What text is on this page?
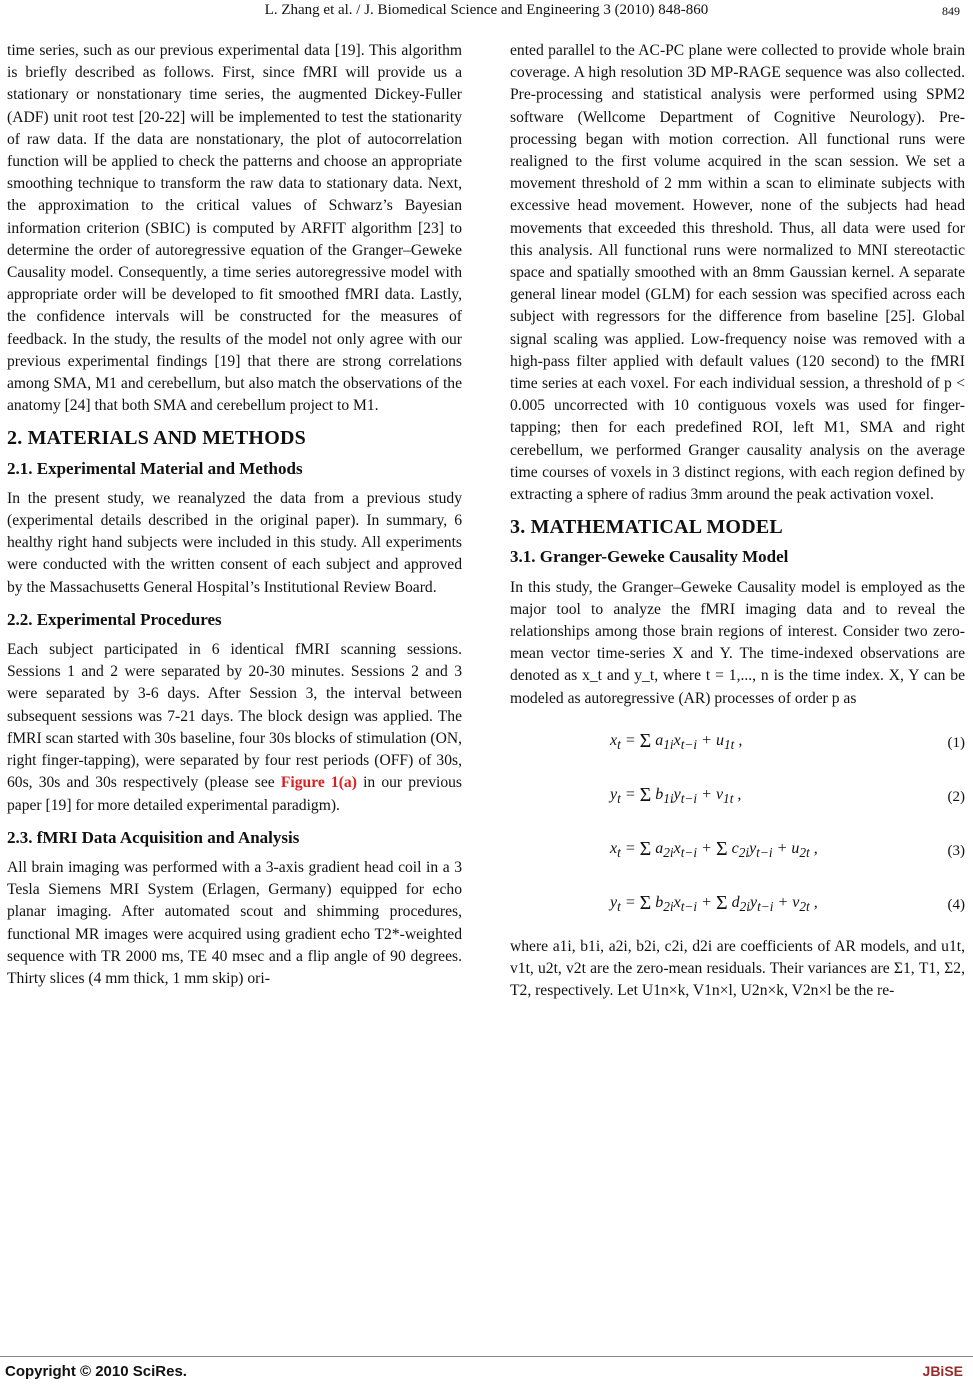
L. Zhang et al. / J. Biomedical Science and Engineering 3 (2010) 848-860	849

time series, such as our previous experimental data [19]. This algorithm is briefly described as follows. First, since fMRI will provide us a stationary or nonstationary time series, the augmented Dickey-Fuller (ADF) unit root test [20-22] will be implemented to test the stationarity of raw data. If the data are nonstationary, the plot of autocorrelation function will be applied to check the patterns and choose an appropriate smoothing technique to transform the raw data to stationary data. Next, the approximation to the critical values of Schwarz’s Bayesian information criterion (SBIC) is computed by ARFIT algorithm [23] to determine the order of autoregressive equation of the Granger–Geweke Causality model. Consequently, a time series autoregressive model with appropriate order will be developed to fit smoothed fMRI data. Lastly, the confidence intervals will be constructed for the measures of feedback. In the study, the results of the model not only agree with our previous experimental findings [19] that there are strong correlations among SMA, M1 and cerebellum, but also match the observations of the anatomy [24] that both SMA and cerebellum project to M1.

2. MATERIALS AND METHODS
2.1. Experimental Material and Methods

In the present study, we reanalyzed the data from a previous study (experimental details described in the original paper). In summary, 6 healthy right hand subjects were included in this study. All experiments were conducted with the written consent of each subject and approved by the Massachusetts General Hospital’s Institutional Review Board.

2.2. Experimental Procedures

Each subject participated in 6 identical fMRI scanning sessions. Sessions 1 and 2 were separated by 20-30 minutes. Sessions 2 and 3 were separated by 3-6 days. After Session 3, the interval between subsequent sessions was 7-21 days. The block design was applied. The fMRI scan started with 30s baseline, four 30s blocks of stimulation (ON, right finger-tapping), were separated by four rest periods (OFF) of 30s, 60s, 30s and 30s respectively (please see Figure 1(a) in our previous paper [19] for more detailed experimental paradigm).

2.3. fMRI Data Acquisition and Analysis

All brain imaging was performed with a 3-axis gradient head coil in a 3 Tesla Siemens MRI System (Erlagen, Germany) equipped for echo planar imaging. After automated scout and shimming procedures, functional MR images were acquired using gradient echo T2*-weighted sequence with TR 2000 ms, TE 40 msec and a flip angle of 90 degrees. Thirty slices (4 mm thick, 1 mm skip) ori-

ented parallel to the AC-PC plane were collected to provide whole brain coverage. A high resolution 3D MP-RAGE sequence was also collected. Pre-processing and statistical analysis were performed using SPM2 software (Wellcome Department of Cognitive Neurology). Pre-processing began with motion correction. All functional runs were realigned to the first volume acquired in the scan session. We set a movement threshold of 2 mm within a scan to eliminate subjects with excessive head movement. However, none of the subjects had head movements that exceeded this threshold. Thus, all data were used for this analysis. All functional runs were normalized to MNI stereotactic space and spatially smoothed with an 8mm Gaussian kernel. A separate general linear model (GLM) for each session was specified across each subject with regressors for the difference from baseline [25]. Global signal scaling was applied. Low-frequency noise was removed with a high-pass filter applied with default values (120 second) to the fMRI time series at each voxel. For each individual session, a threshold of p < 0.005 uncorrected with 10 contiguous voxels was used for finger-tapping; then for each predefined ROI, left M1, SMA and right cerebellum, we performed Granger causality analysis on the average time courses of voxels in 3 distinct regions, with each region defined by extracting a sphere of radius 3mm around the peak activation voxel.

3. MATHEMATICAL MODEL
3.1. Granger-Geweke Causality Model

In this study, the Granger–Geweke Causality model is employed as the major tool to analyze the fMRI imaging data and to reveal the relationships among those brain regions of interest. Consider two zero-mean vector time-series X and Y. The time-indexed observations are denoted as x_t and y_t, where t = 1,..., n is the time index. X, Y can be modeled as autoregressive (AR) processes of order p as

$x_t = \Sigma$ $a_{1i}x_{t-i} + u_{1t}$ ,	(1)
$y_t = \Sigma$ $b_{1i}y_{t-i} + v_{1t}$ ,	(2)
$x_t = \Sigma$ $a_{2i}x_{t-i} + \Sigma$ $c_{2i}y_{t-i} + u_{2t}$ ,	(3)
$y_t = \Sigma$ $b_{2i}x_{t-i} + \Sigma$ $d_{2i}y_{t-i} + v_{2t}$ ,	(4)

where a1i, b1i, a2i, b2i, c2i, d2i are coefficients of AR models, and u1t, v1t, u2t, v2t are the zero-mean residuals. Their variances are Σ1, T1, Σ2, T2, respectively. Let U1n×k, V1n×l, U2n×k, V2n×l be the re-

Copyright © 2010 SciRes.	JBiSE
